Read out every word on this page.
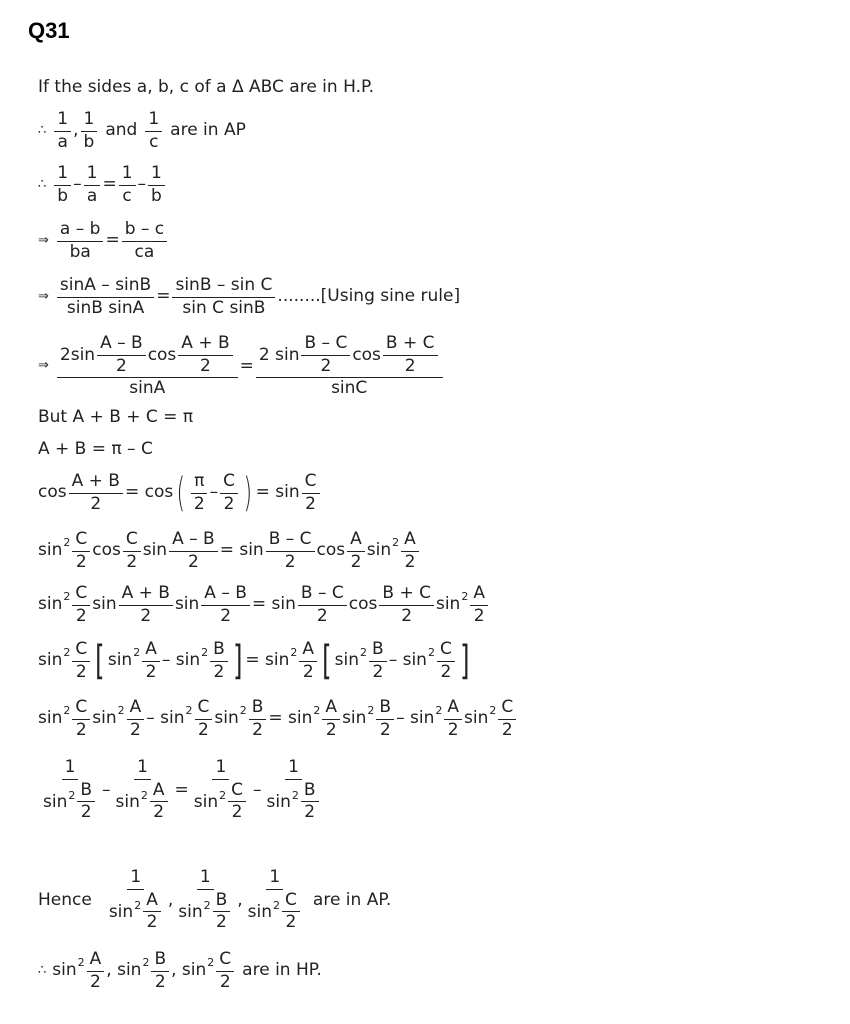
Q31
If the sides a, b, c of a Δ ABC are in H.P.
∴ $\frac{1}{a}$ , $\frac{1}{b}$ and $\frac{1}{c}$ are in AP
∴ $\frac{1}{b} - \frac{1}{a} = \frac{1}{c} - \frac{1}{b}$
⇒ $\frac{a - b}{ba} = \frac{b - c}{ca}$
⇒ $\frac{\sin A - \sin B}{\text{sinB sinA}} = \frac{\text{sinB – sin C}}{\text{sin C sinB}} ........[Using$ sine rule]
⇒ $\frac{2\sin \frac{A - B}{2} \cos \frac{A + B}{2}}{\sin A} = \frac{2 \sin \frac{B - C}{2} \cos \frac{B + C}{2}}{\sin C}$
But A + B + C = π
A + B = π – C
$\cos \frac{A + B}{2} = \cos$ ( $\frac{\pi}{2} - \frac{C}{2}$ ) = $\sin \frac{C}{2}$
$\sin 2 \frac{C}{2}$ $\cos \frac{C}{2}$ $\sin \frac{A - B}{2} = \sin \frac{B - C}{2}$ $\cos \frac{A}{2}$ $\sin 2 \frac{A}{2}$
$\sin 2 \frac{C}{2}$ $\sin \frac{A + B}{2}$ $\sin \frac{A - B}{2} = \sin \frac{B - C}{2}$ $\cos \frac{B + C}{2}$ $\sin 2 \frac{A}{2}$
$\sin 2 \frac{C}{2}$ [ $\sin 2 \frac{A}{2}$ – $\sin 2 \frac{B}{2}$ ] = $\sin 2 \frac{A}{2}$ [ $\sin 2 \frac{B}{2}$ – $\sin 2 \frac{C}{2}$ ]
$\sin 2 \frac{C}{2}$ $\sin 2 \frac{A}{2}$ – $\sin 2 \frac{C}{2}$ $\sin 2 \frac{B}{2} = \sin 2 \frac{A}{2}$ $\sin 2 \frac{B}{2}$ – $\sin 2 \frac{A}{2}$ $\sin 2 \frac{C}{2}$
$\frac{1}{\sin^2 \frac{B}{2}} - \frac{1}{\sin^2 \frac{A}{2}} = \frac{1}{\sin^2 \frac{C}{2}} - \frac{1}{\sin^2 \frac{B}{2}}$
Hence $\frac{1}{\sin^2 \frac{A}{2}}$ , $\frac{1}{\sin^2 \frac{B}{2}}$ , $\frac{1}{\sin^2 \frac{C}{2}}$ are in AP.
∴ $\sin 2 \frac{A}{2}$ , $\sin 2 \frac{B}{2}$ , $\sin 2 \frac{C}{2}$ are in HP.
